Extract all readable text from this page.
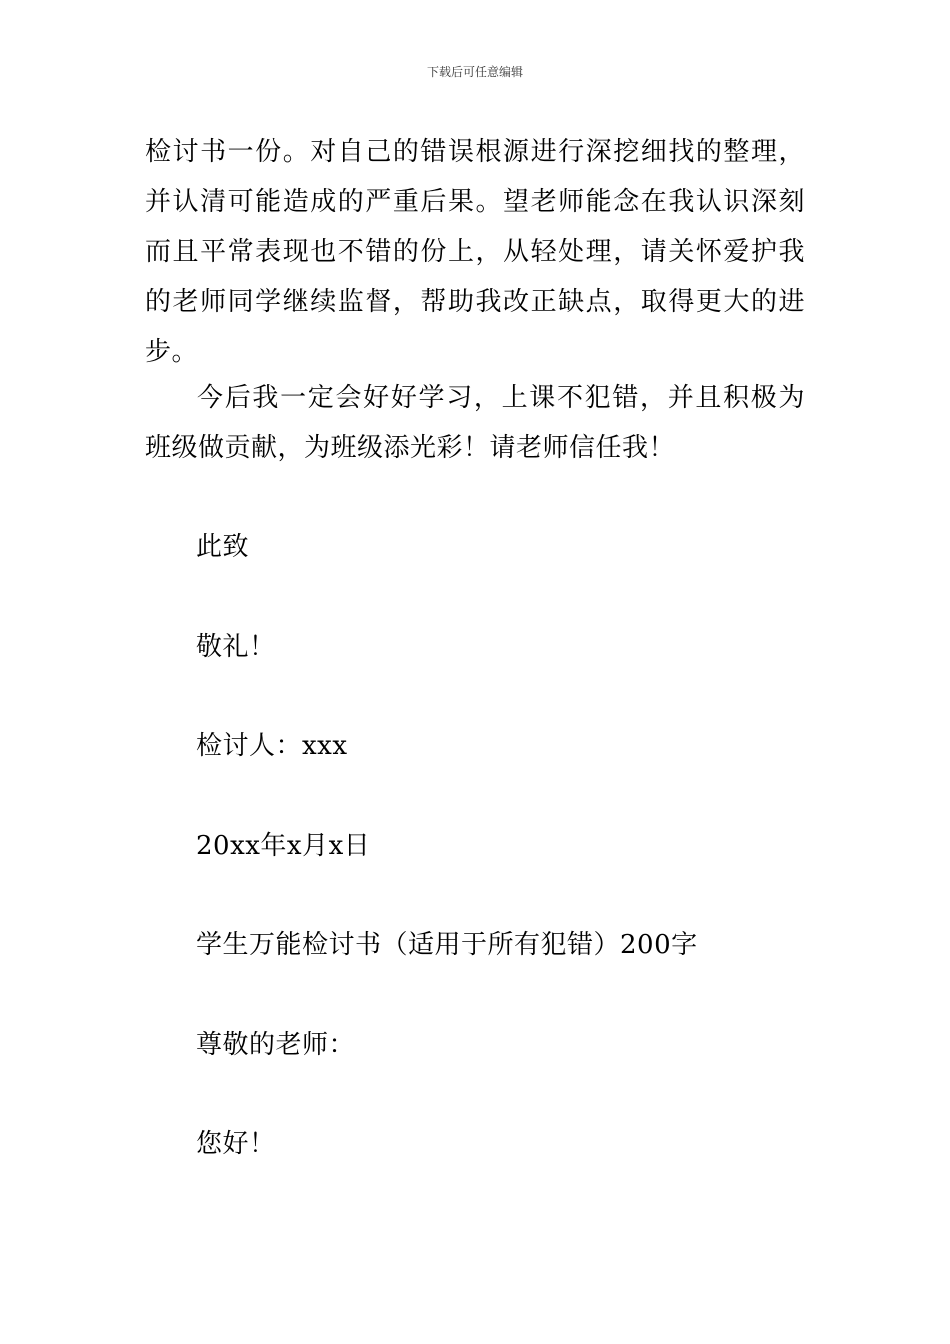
下载后可任意编辑
检讨书一份。对自己的错误根源进行深挖细找的整理，并认清可能造成的严重后果。望老师能念在我认识深刻而且平常表现也不错的份上，从轻处理，请关怀爱护我的老师同学继续监督，帮助我改正缺点，取得更大的进步。
今后我一定会好好学习，上课不犯错，并且积极为班级做贡献，为班级添光彩！请老师信任我！
此致
敬礼！
检讨人：xxx
20xx年x月x日
学生万能检讨书（适用于所有犯错）200字
尊敬的老师：
您好！
